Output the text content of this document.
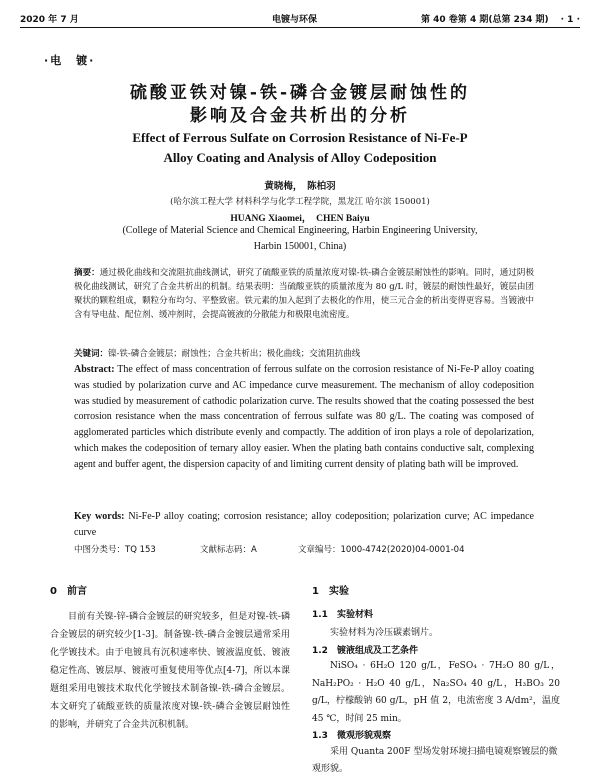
2020 年 7 月	电镀与环保	第 40 卷第 4 期(总第 234 期) · 1 ·
·电　镀·
硫酸亚铁对镍-铁-磷合金镀层耐蚀性的
影响及合金共析出的分析
Effect of Ferrous Sulfate on Corrosion Resistance of Ni-Fe-P
Alloy Coating and Analysis of Alloy Codeposition
黄晓梅，　陈柏羽
(哈尔滨工程大学 材料科学与化学工程学院，黑龙江 哈尔滨 150001)
HUANG Xiaomei，　CHEN Baiyu
(College of Material Science and Chemical Engineering, Harbin Engineering University,
Harbin 150001, China)
摘要：通过极化曲线和交流阻抗曲线测试，研究了硫酸亚铁的质量浓度对镍-铁-磷合金镀层耐蚀性的影响。同时，通过阴极极化曲线测试，研究了合金共析出的机制。结果表明：当硫酸亚铁的质量浓度为 80 g/L 时，镀层的耐蚀性最好，镀层由团聚状的颗粒组成，颗粒分布均匀、平整致密。铁元素的加入起到了去极化的作用，使三元合金的析出变得更容易。当镀液中含有导电盐、配位剂、缓冲剂时，会提高镀液的分散能力和极限电流密度。
关键词：镍-铁-磷合金镀层；耐蚀性；合金共析出；极化曲线；交流阻抗曲线
Abstract: The effect of mass concentration of ferrous sulfate on the corrosion resistance of Ni-Fe-P alloy coating was studied by polarization curve and AC impedance curve measurement. The mechanism of alloy codeposition was studied by measurement of cathodic polarization curve. The results showed that the coating possessed the best corrosion resistance when the mass concentration of ferrous sulfate was 80 g/L. The coating was composed of agglomerated particles which distribute evenly and compactly. The addition of iron plays a role of depolarization, which makes the codeposition of ternary alloy easier. When the plating bath contains conductive salt, complexing agent and buffer agent, the dispersion capacity of and limiting current density of plating bath will be improved.
Key words: Ni-Fe-P alloy coating; corrosion resistance; alloy codeposition; polarization curve; AC impedance curve
中图分类号：TQ 153	文献标志码：A	文章编号：1000-4742(2020)04-0001-04
0　前言
目前有关镍-锌-磷合金镀层的研究较多，但是对镍-铁-磷合金镀层的研究较少[1-3]。制备镍-铁-磷合金镀层通常采用化学镀技术。由于电镀具有沉积速率快、镀液温度低、镀液稳定性高、镀层厚、镀液可重复使用等优点[4-7]，所以本课题组采用电镀技术取代化学镀技术制备镍-铁-磷合金镀层。本文研究了硫酸亚铁的质量浓度对镍-铁-磷合金镀层耐蚀性的影响，并研究了合金共沉积机制。
1　实验
1.1　实验材料
实验材料为冷压碳素钢片。
1.2　镀液组成及工艺条件
NiSO₄ · 6H₂O 120 g/L，FeSO₄ · 7H₂O 80 g/L，NaH₂PO₂ · H₂O 40 g/L，Na₂SO₄ 40 g/L，H₃BO₃ 20 g/L，柠檬酸钠 60 g/L，pH 值 2，电流密度 3 A/dm²，温度 45 ℃，时间 25 min。
1.3　微观形貌观察
采用 Quanta 200F 型场发射环境扫描电镜观察镀层的微观形貌。
